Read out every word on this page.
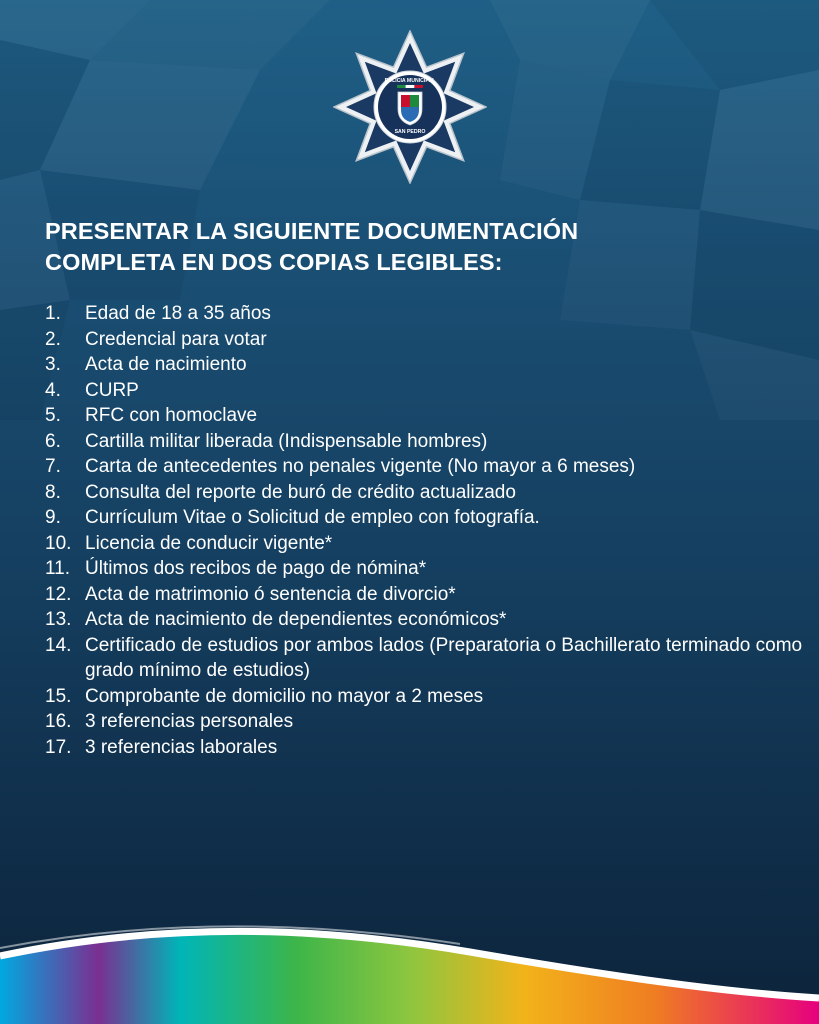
POLICIA MUNICIPAL
SAN PEDRO
PRESENTAR LA SIGUIENTE DOCUMENTACIÓN
COMPLETA EN DOS COPIAS LEGIBLES:
1.	Edad de 18 a 35 años
2.	Credencial para votar
3.	Acta de nacimiento
4.	CURP
5.	RFC con homoclave
6.	Cartilla militar liberada (Indispensable hombres)
7.	Carta de antecedentes no penales vigente (No mayor a 6 meses)
8.	Consulta del reporte de buró de crédito actualizado
9.	Currículum Vitae o Solicitud de empleo con fotografía.
10. Licencia de conducir vigente*
11. Últimos dos recibos de pago de nómina*
12. Acta de matrimonio ó sentencia de divorcio*
13. Acta de nacimiento de dependientes económicos*
14. Certificado de estudios por ambos lados (Preparatoria o Bachillerato terminado como grado mínimo de estudios)
15. Comprobante de domicilio no mayor a 2 meses
16. 3 referencias personales
17. 3 referencias laborales
